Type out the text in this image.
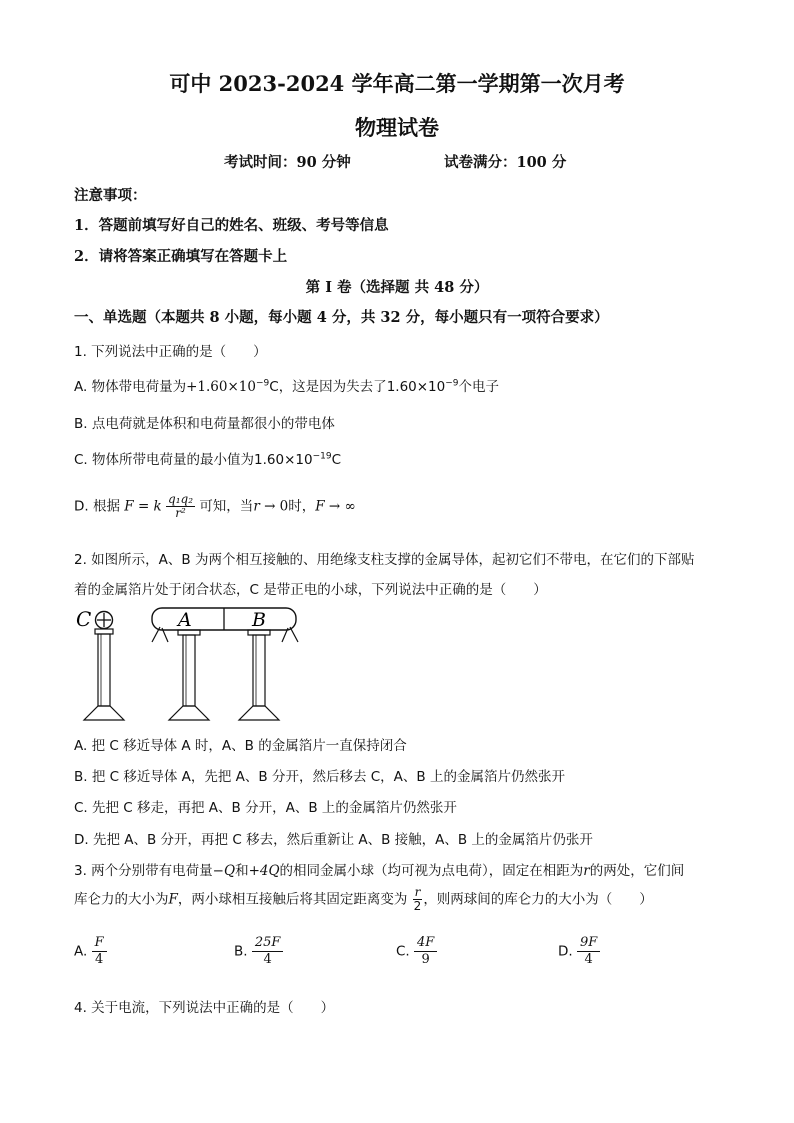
可中 2023-2024 学年高二第一学期第一次月考
物理试卷
考试时间：90 分钟	试卷满分：100 分
注意事项：
1．答题前填写好自己的姓名、班级、考号等信息
2．请将答案正确填写在答题卡上
第 I 卷（选择题 共 48 分）
一、单选题（本题共 8 小题，每小题 4 分，共 32 分，每小题只有一项符合要求）
1. 下列说法中正确的是（　　）
A. 物体带电荷量为$+1.60\times 10^{-9}C$，这是因为失去了$1.60\times 10^{-9}$个电子
B. 点电荷就是体积和电荷量都很小的带电体
C. 物体所带电荷量的最小值为$1.60\times 10^{-19}C$
D. 根据 F = k $\frac{\text{q₁q₂}}{\text{r²}}$ 可知，当r → 0时，F → ∞
2. 如图所示，A、B 为两个相互接触的、用绝缘支柱支撑的金属导体，起初它们不带电，在它们的下部贴
着的金属箔片处于闭合状态，C 是带正电的小球，下列说法中正确的是（　　）
C	A	B
A. 把 C 移近导体 A 时，A、B 的金属箔片一直保持闭合
B. 把 C 移近导体 A，先把 A、B 分开，然后移去 C，A、B 上的金属箔片仍然张开
C. 先把 C 移走，再把 A、B 分开，A、B 上的金属箔片仍然张开
D. 先把 A、B 分开，再把 C 移去，然后重新让 A、B 接触，A、B 上的金属箔片仍张开
3. 两个分别带有电荷量−Q和+4Q的相同金属小球（均可视为点电荷），固定在相距为r的两处，它们间
库仑力的大小为F，两小球相互接触后将其固定距离变为 $\frac{r}{2}$ ，则两球间的库仑力的大小为（　　）
A. $\frac{F}{4}$	B. $\frac{25F}{4}$	C. $\frac{4F}{9}$	D. $\frac{9F}{4}$
4. 关于电流，下列说法中正确的是（　　）
